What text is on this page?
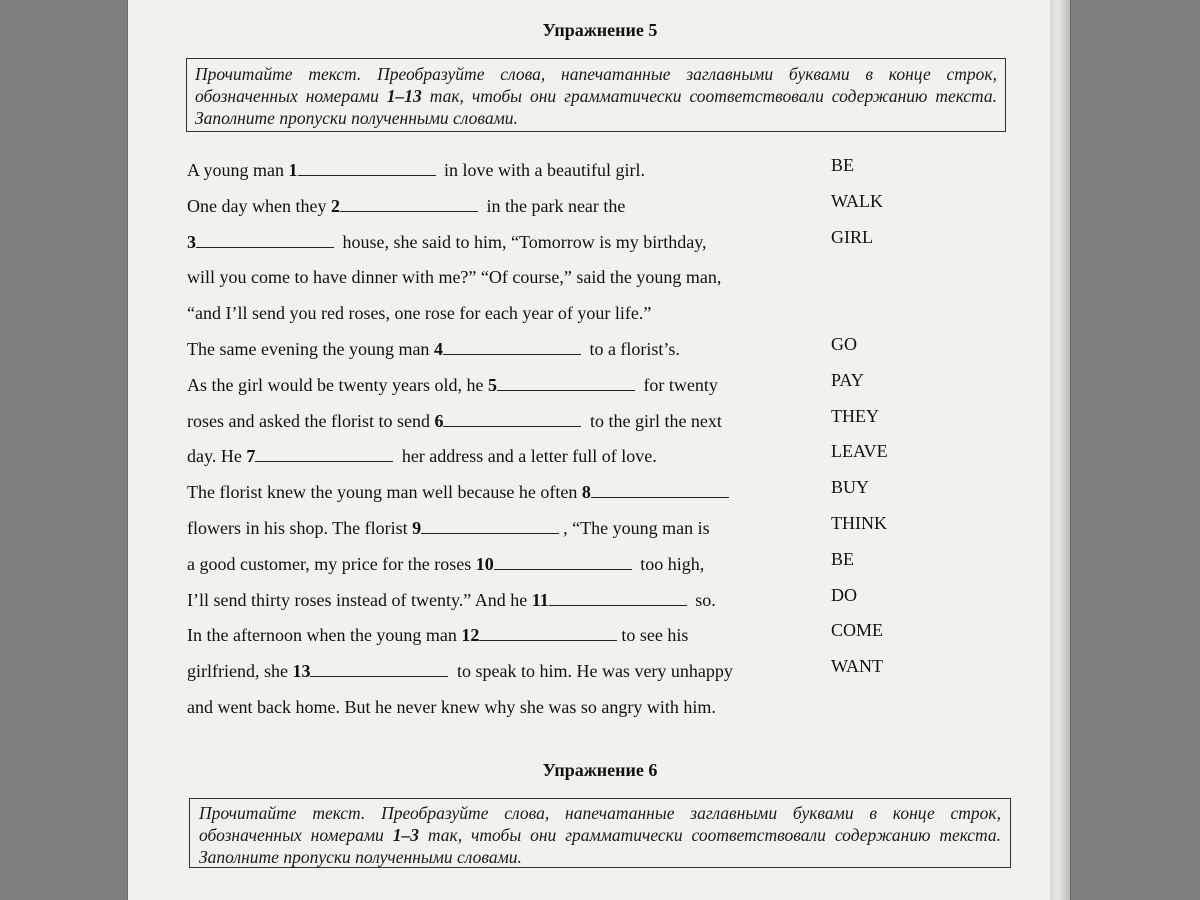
Упражнение 5
Прочитайте текст. Преобразуйте слова, напечатанные заглавными буквами в конце строк, обозначенных номерами 1–13 так, чтобы они грамматически соответствовали содержанию текста. Заполните пропуски полученными словами.
A young man 1	in love with a beautiful girl.	BE
One day when they 2	in the park near the	WALK
3	house, she said to him, “Tomorrow is my birthday,	GIRL
will you come to have dinner with me?” “Of course,” said the young man,
“and I’ll send you red roses, one rose for each year of your life.”
The same evening the young man 4	to a florist’s.	GO
As the girl would be twenty years old, he 5	for twenty	PAY
roses and asked the florist to send 6	to the girl the next	THEY
day. He 7	her address and a letter full of love.	LEAVE
The florist knew the young man well because he often 8	BUY
flowers in his shop. The florist 9	, “The young man is	THINK
a good customer, my price for the roses 10	too high,	BE
I’ll send thirty roses instead of twenty.” And he 11	so.	DO
In the afternoon when the young man 12	to see his	COME
girlfriend, she 13	to speak to him. He was very unhappy	WANT
and went back home. But he never knew why she was so angry with him.
Упражнение 6
Прочитайте текст. Преобразуйте слова, напечатанные заглавными буквами в конце строк, обозначенных номерами 1–3 так, чтобы они грамматически соответствовали содержанию текста. Заполните пропуски полученными словами.
